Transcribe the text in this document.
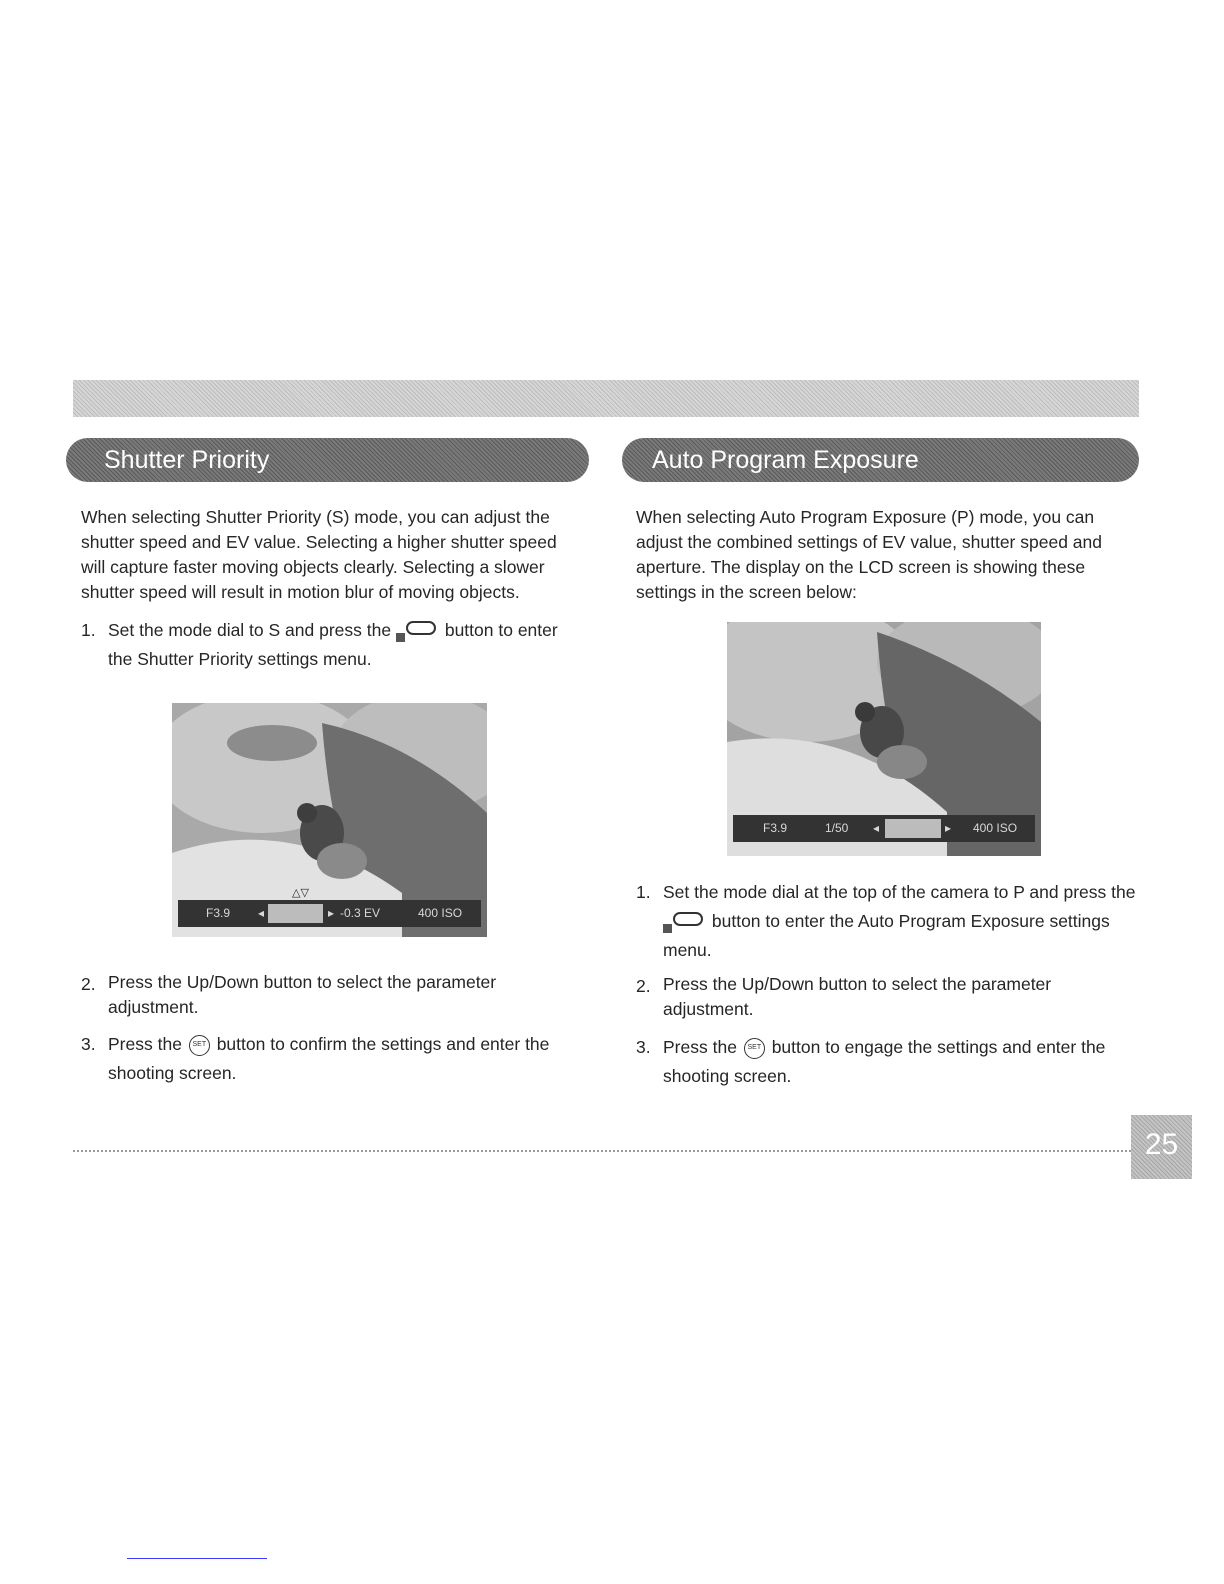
Shutter Priority
When selecting Shutter Priority (S) mode, you can adjust the shutter speed and EV value. Selecting a higher shutter speed will capture faster moving objects clearly. Selecting a slower shutter speed will result in motion blur of moving objects.
1. Set the mode dial to S and press the	button to enter the Shutter Priority settings menu.
△▽
F3.9 ◂	▸ -0.3 EV	400 ISO
2. Press the Up/Down button to select the parameter adjustment.
3. Press the SET button to confirm the settings and enter the shooting screen.
Auto Program Exposure
When selecting Auto Program Exposure (P) mode, you can adjust the combined settings of EV value, shutter speed and aperture. The display on the LCD screen is showing these settings in the screen below:
F3.9	1/50 ◂	▸ 400 ISO
1. Set the mode dial at the top of the camera to P and press the
button to enter the Auto Program Exposure settings menu.
2. Press the Up/Down button to select the parameter adjustment.
3. Press the SET button to engage the settings and enter the shooting screen.
25
